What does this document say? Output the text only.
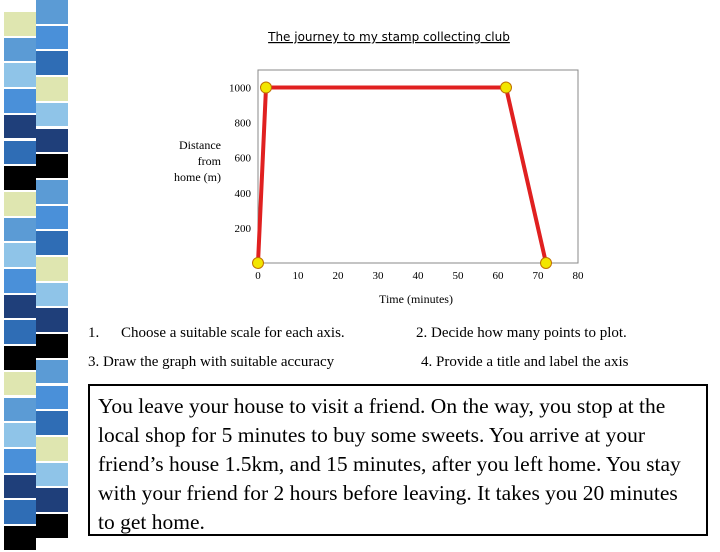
The journey to my stamp collecting club
1000
800
600
400
200
0	10	20	30	40	50	60	70	80
Distance
from
home (m)
Time (minutes)
1. Choose a suitable scale for each axis.	2. Decide how many points to plot.
3. Draw the graph with suitable accuracy	4. Provide a title and label the axis
You leave your house to visit a friend. On the way, you stop at the local shop for 5 minutes to buy some sweets. You arrive at your friend’s house 1.5km, and 15 minutes, after you left home. You stay with your friend for 2 hours before leaving. It takes you 20 minutes to get home.
